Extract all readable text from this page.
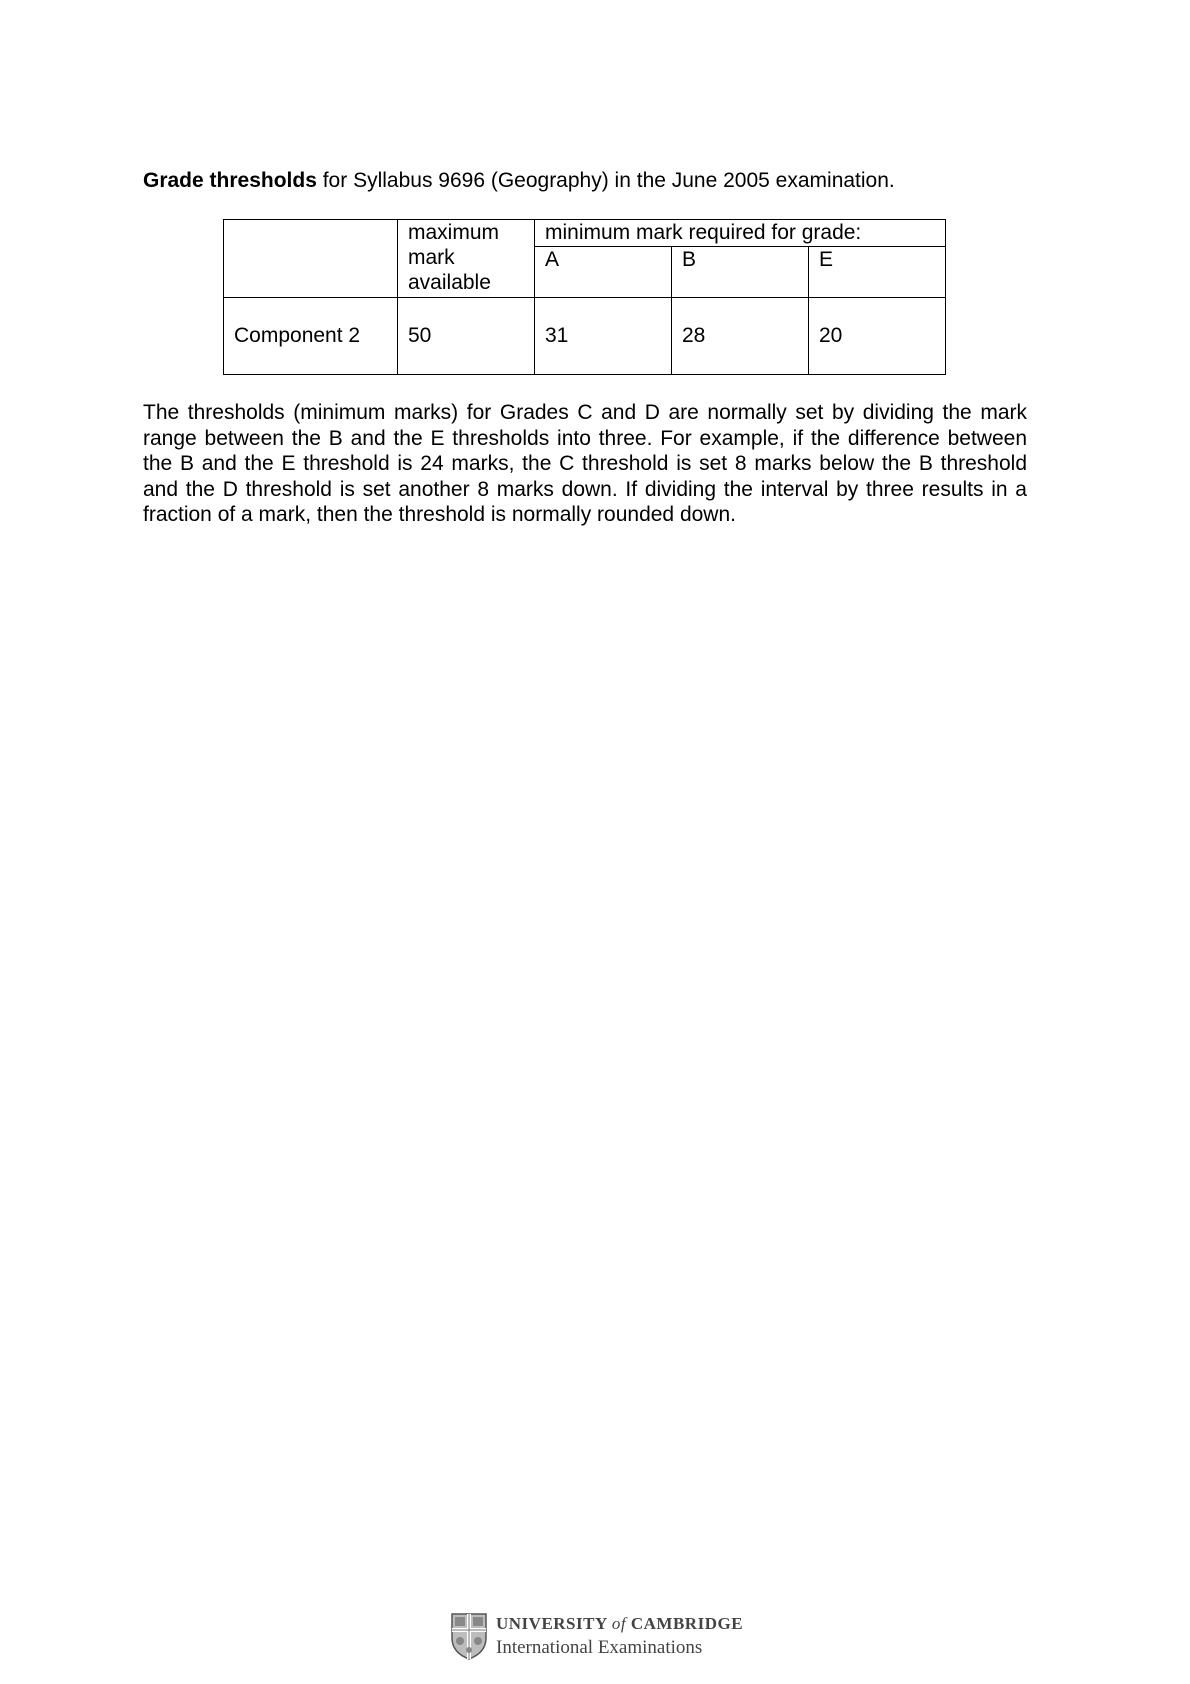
Grade thresholds for Syllabus 9696 (Geography) in the June 2005 examination.

	maximum
mark
available	minimum mark required for grade:		
		A	B	E
Component 2	50	31	28	20
The thresholds (minimum marks) for Grades C and D are normally set by dividing the mark range between the B and the E thresholds into three. For example, if the difference between the B and the E threshold is 24 marks, the C threshold is set 8 marks below the B threshold and the D threshold is set another 8 marks down. If dividing the interval by three results in a fraction of a mark, then the threshold is normally rounded down.
UNIVERSITY of CAMBRIDGE
International Examinations
